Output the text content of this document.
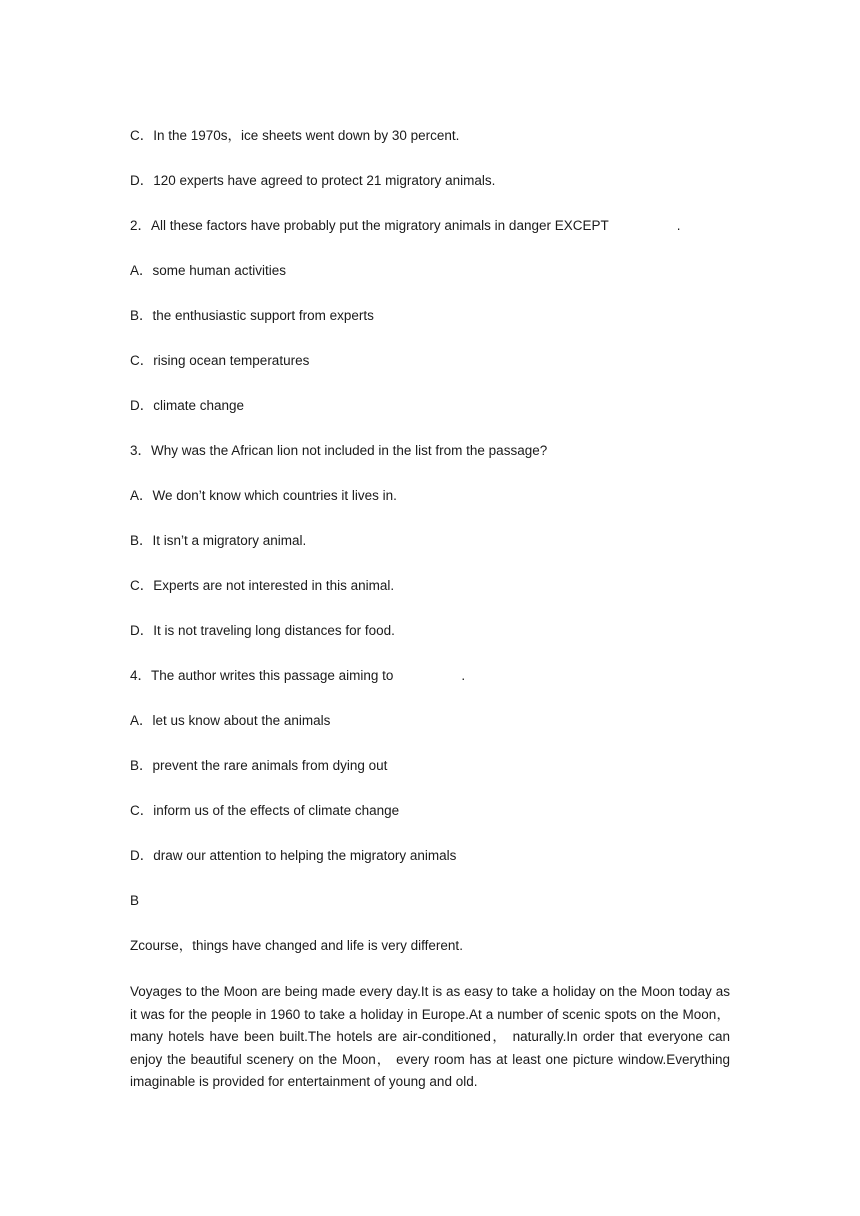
C．In the 1970s，ice sheets went down by 30 percent.
D．120 experts have agreed to protect 21 migratory animals.
2．All these factors have probably put the migratory animals in danger EXCEPT	.
A．some human activities
B．the enthusiastic support from experts
C．rising ocean temperatures
D．climate change
3．Why was the African lion not included in the list from the passage?
A．We don’t know which countries it lives in.
B．It isn’t a migratory animal.
C．Experts are not interested in this animal.
D．It is not traveling long distances for food.
4．The author writes this passage aiming to	.
A．let us know about the animals
B．prevent the rare animals from dying out
C．inform us of the effects of climate change
D．draw our attention to helping the migratory animals
B
Zcourse，things have changed and life is very different.

Voyages to the Moon are being made every day.It is as easy to take a holiday on the Moon today as it was for the people in 1960 to take a holiday in Europe.At a number of scenic spots on the Moon， many hotels have been built.The hotels are air-conditioned， naturally.In order that everyone can enjoy the beautiful scenery on the Moon， every room has at least one picture window.Everything imaginable is provided for entertainment of young and old.
